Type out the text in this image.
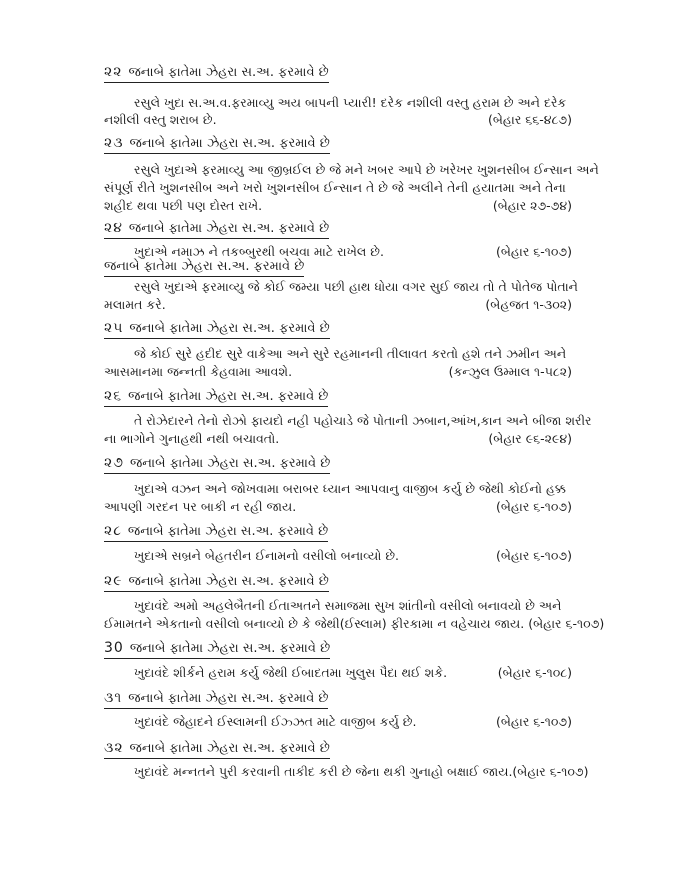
૨૨ જનાબે ફાતેમા ઝેહરા સ.અ. ફરમાવે છે
રસુલે ખુદા સ.અ.વ.ફરમાવ્યુ અય બાપની પ્યારી! દરેક નશીલી વસ્તુ હરામ છે અને દરેક
નશીલી વસ્તુ શરાબ છે.	(બેહાર ૬૬-૪૮૭)
૨૩ જનાબે ફાતેમા ઝેહરા સ.અ. ફરમાવે છે
રસુલે ખુદાએ ફરમાવ્યુ આ જીબ્રઈલ છે જે મને ખબર આપે છે ખરેખર ખુશનસીબ ઈન્સાન અને
સંપૂર્ણ રીતે ખુશનસીબ અને ખરો ખુશનસીબ ઈન્સાન તે છે જે અલીને તેની હયાતમા અને તેના
શહીદ થવા પછી પણ દોસ્ત રાખે.	(બેહાર ૨૭-૭૪)
૨૪ જનાબે ફાતેમા ઝેહરા સ.અ. ફરમાવે છે
ખુદાએ નમાઝ ને તકબ્બુરથી બચવા માટે રાખેલ છે.	(બેહાર ૬-૧૦૭)
જનાબે ફાતેમા ઝેહરા સ.અ. ફરમાવે છે
રસુલે ખુદાએ ફરમાવ્યુ જે કોઈ જમ્યા પછી હાથ ધોયા વગર સુઈ જાય તો તે પોતેજ પોતાને
મલામત કરે.	(બેહજત ૧-૩૦૨)
૨૫ જનાબે ફાતેમા ઝેહરા સ.અ. ફરમાવે છે
જે કોઈ સુરે હદીદ સુરે વાકેઆ અને સુરે રહમાનની તીલાવત કરતો હશે તને ઝમીન અને
આસમાનમા જન્નતી કેહવામા આવશે.	(કન્ઝુલ ઉમ્માલ ૧-૫૮૨)
૨૬ જનાબે ફાતેમા ઝેહરા સ.અ. ફરમાવે છે
તે રોઝેદારને તેનો રોઝો ફાયદો નહી પહોચાડે જે પોતાની ઝબાન,આંખ,કાન અને બીજા શરીર
ના ભાગોને ગુનાહથી નથી બચાવતો.	(બેહાર ૯૬-૨૯૪)
૨૭ જનાબે ફાતેમા ઝેહરા સ.અ. ફરમાવે છે
ખુદાએ વઝન અને જોખવામા બરાબર ધ્યાન આપવાનુ વાજીબ કર્યુ છે જેથી કોઈનો હક્ક
આપણી ગરદન પર બાકી ન રહી જાય.	(બેહાર ૬-૧૦૭)
૨૮ જનાબે ફાતેમા ઝેહરા સ.અ. ફરમાવે છે
ખુદાએ સબ્રને બેહતરીન ઈનામનો વસીલો બનાવ્યો છે.	(બેહાર ૬-૧૦૭)
૨૯ જનાબે ફાતેમા ઝેહરા સ.અ. ફરમાવે છે
ખુદાવંદે અમો અહલેબૈતની ઈતાઅતને સમાજમા સુખ શાંતીનો વસીલો બનાવયો છે અને
ઈમામતને એકતાનો વસીલો બનાવ્યો છે કે જેથી(ઈસ્લામ) ફીરકામા ન વહેચાય જાય. (બેહાર ૬-૧૦૭)
30 જનાબે ફાતેમા ઝેહરા સ.અ. ફરમાવે છે
ખુદાવંદે શીર્કને હરામ કર્યુ જેથી ઈબાદતમા ખુલુસ પૈદા થઈ શકે.	(બેહાર ૬-૧૦૮)
૩૧ જનાબે ફાતેમા ઝેહરા સ.અ. ફરમાવે છે
ખુદાવંદે જેહાદને ઈસ્લામની ઈઝ્ઝત માટે વાજીબ કર્યુ છે.	(બેહાર ૬-૧૦૭)
૩૨ જનાબે ફાતેમા ઝેહરા સ.અ. ફરમાવે છે
ખુદાવંદે મન્નતને પુરી કરવાની તાકીદ કરી છે જેના થકી ગુનાહો બક્ષાઈ જાય.(બેહાર ૬-૧૦૭)
